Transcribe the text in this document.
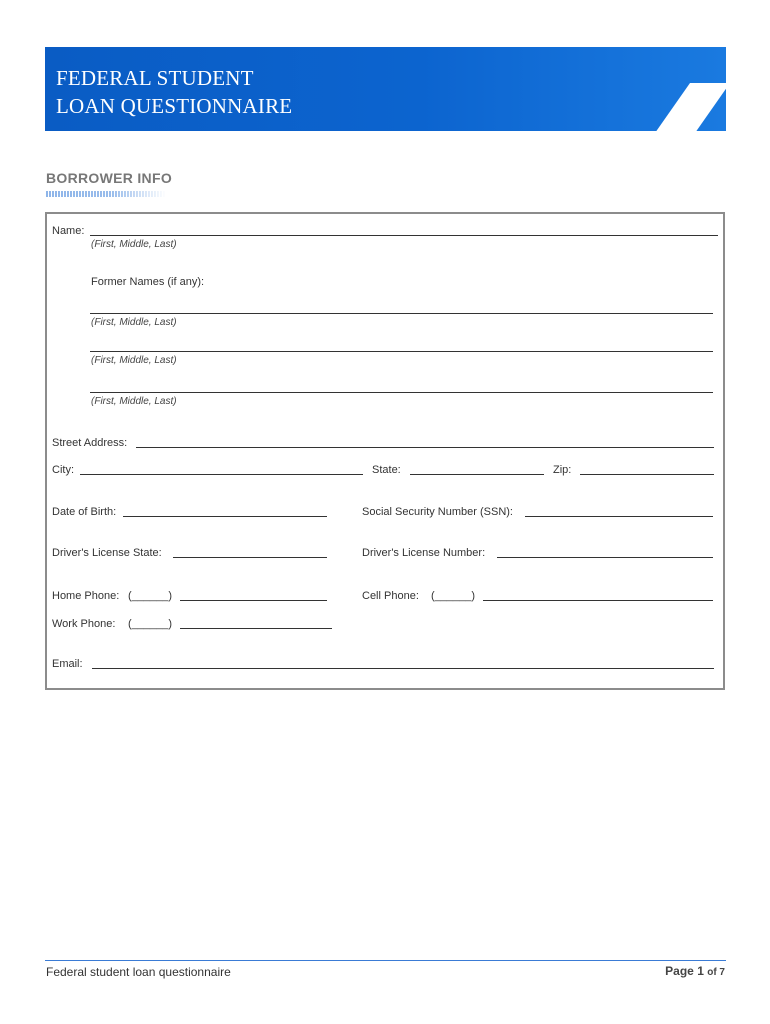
FEDERAL STUDENT
LOAN QUESTIONNAIRE
BORROWER INFO
Name:
(First, Middle, Last)
Former Names (if any):
(First, Middle, Last)
(First, Middle, Last)
(First, Middle, Last)
Street Address:
City:	State:	Zip:
Date of Birth:	Social Security Number (SSN):
Driver's License State:	Driver's License Number:
Home Phone: (______)	Cell Phone: (______)
Work Phone: (______)
Email:
Federal student loan questionnaire	Page 1 of 7
